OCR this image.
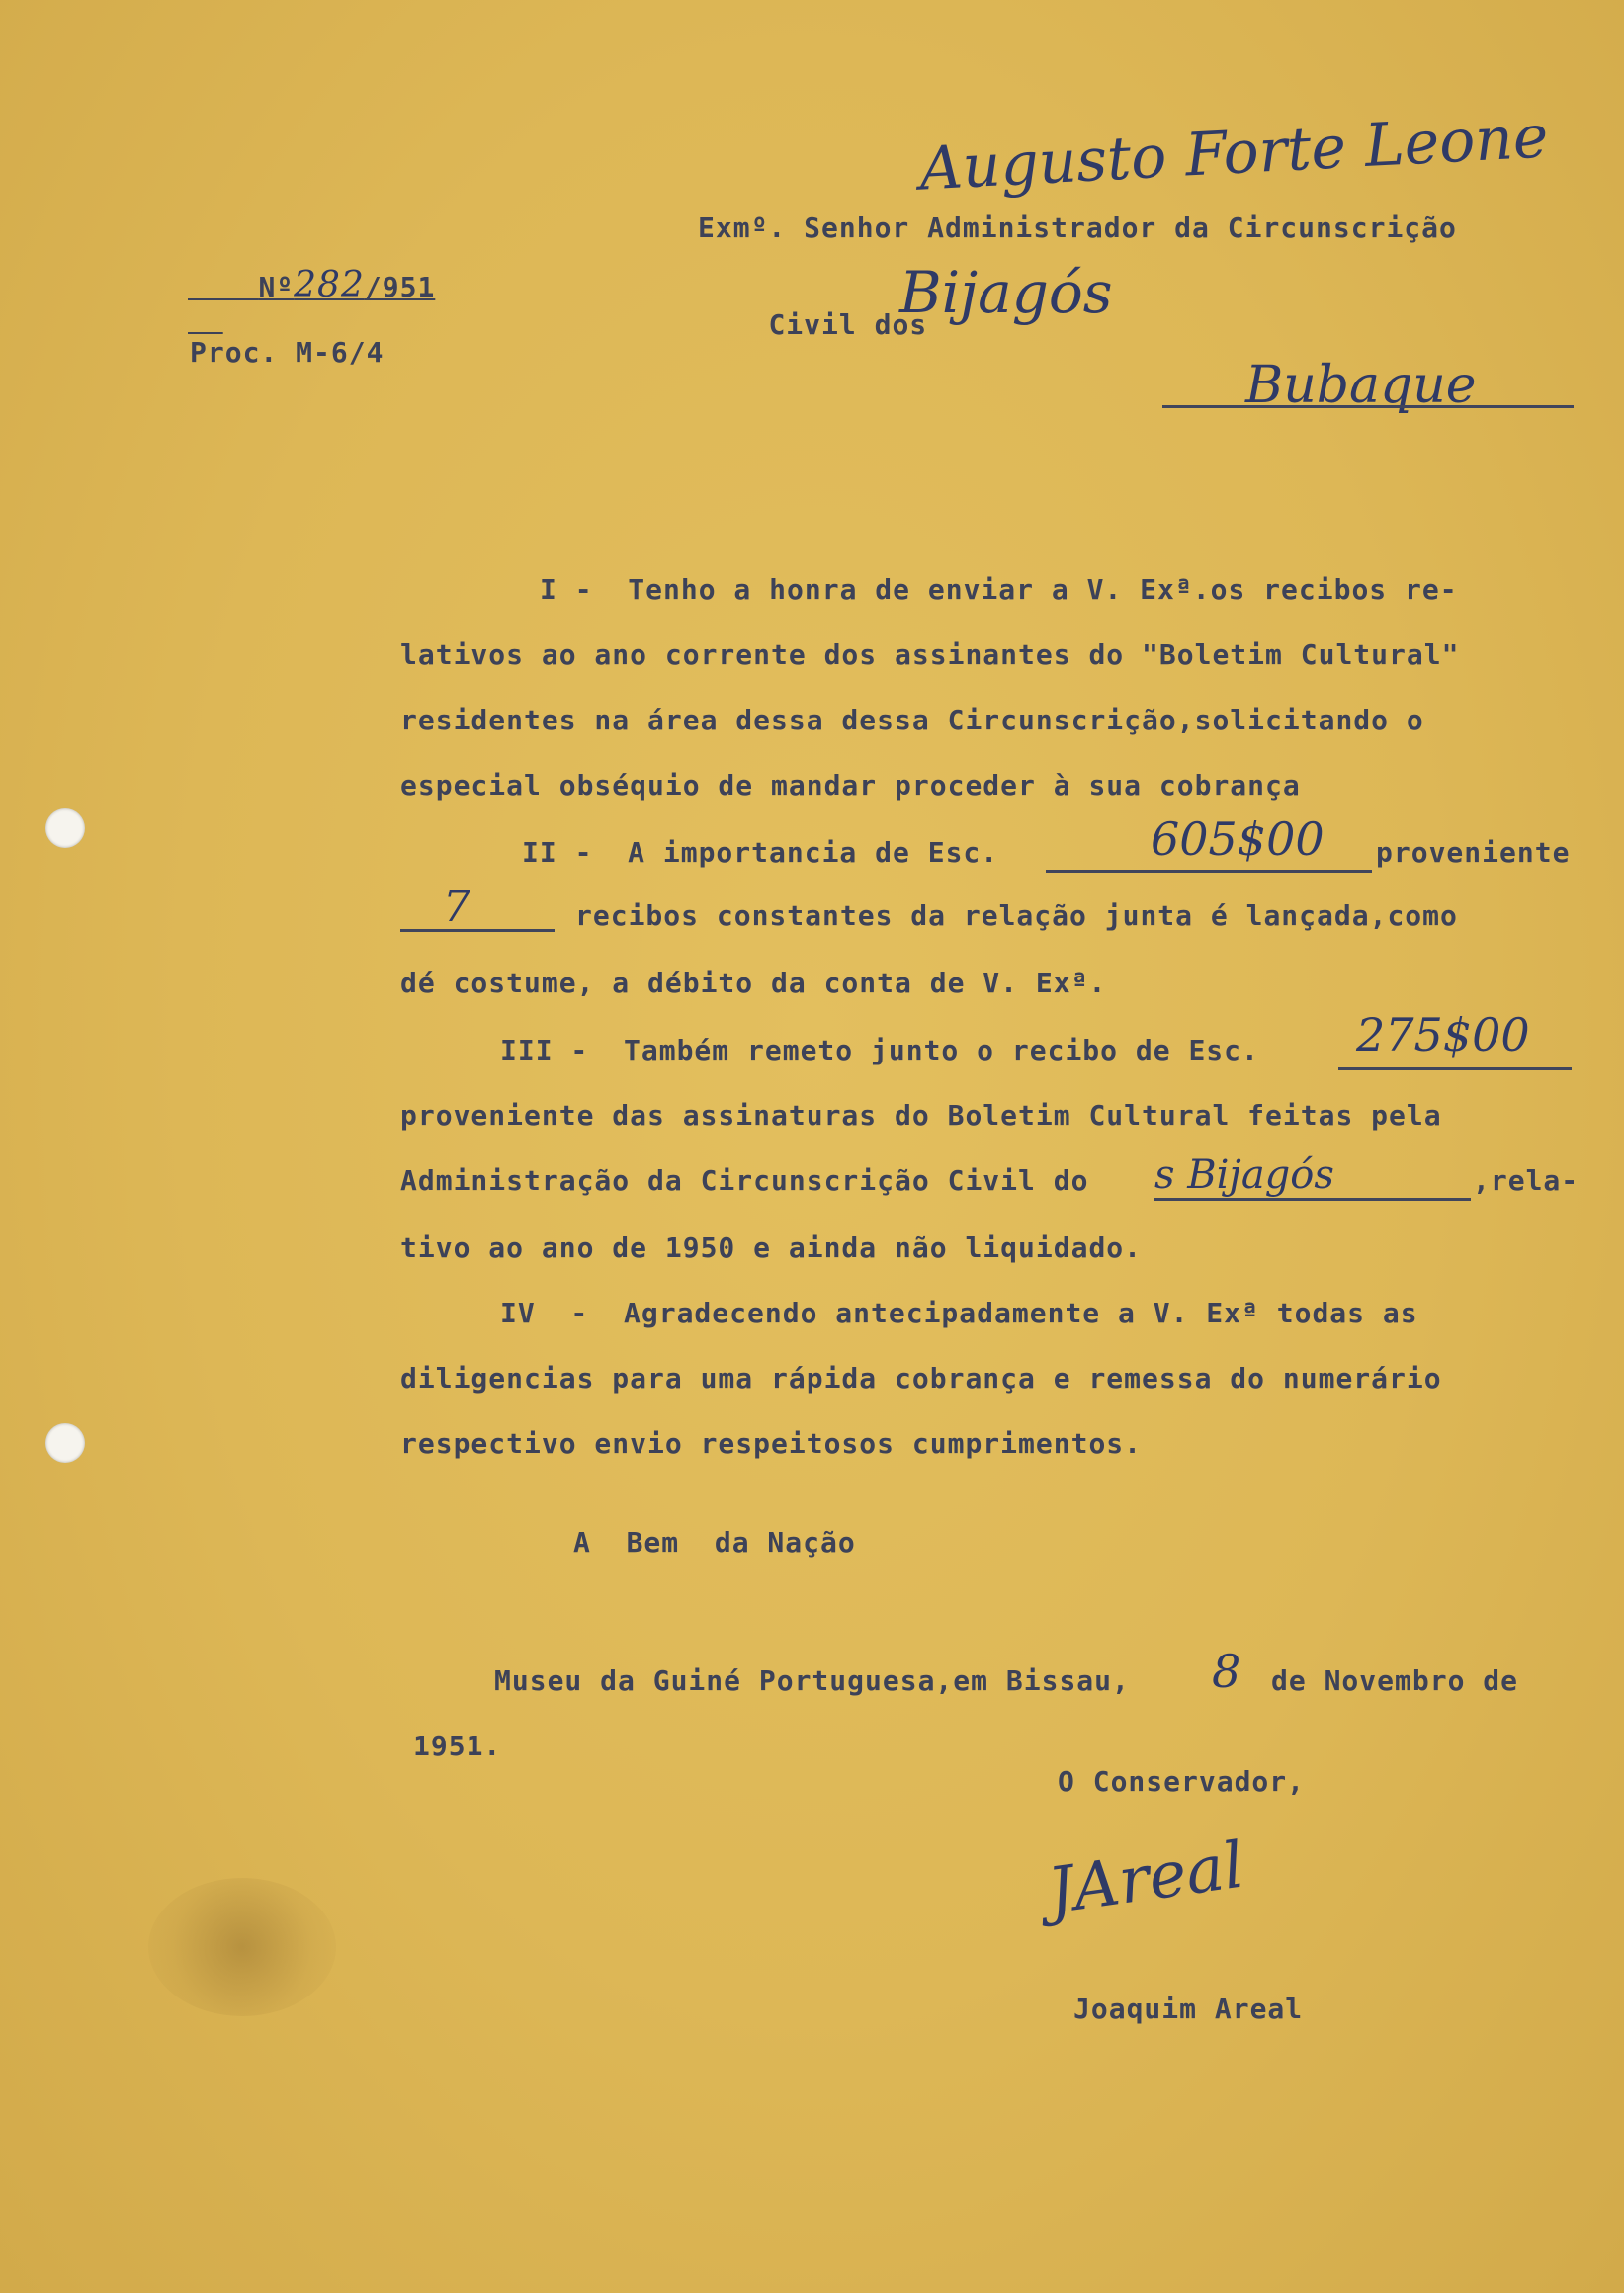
Nº282/951

Proc. M-6/4
Augusto Forte Leone
Exmº. Senhor Administrador da Circunscrição

Civil dos

Bijagós
Bubaque
I -  Tenho a honra de enviar a V. Exª.os recibos re-
lativos ao ano corrente dos assinantes do "Boletim Cultural"
residentes na área dessa dessa Circunscrição,solicitando o
especial obséquio de mandar proceder à sua cobrança
II -  A importancia de Esc.	605$00 proveniente
7	recibos constantes da relação junta é lançada,como
dé costume, a débito da conta de V. Exª.
III -  Também remeto junto o recibo de Esc. 275$00
proveniente das assinaturas do Boletim Cultural feitas pela
Administração da Circunscrição Civil do s Bijagós	,rela-
tivo ao ano de 1950 e ainda não liquidado.
IV  -  Agradecendo antecipadamente a V. Exª todas as
diligencias para uma rápida cobrança e remessa do numerário
respectivo envio respeitosos cumprimentos.
A  Bem  da Nação
Museu da Guiné Portuguesa,em Bissau, 8 de Novembro de
1951.
O Conservador,
JAreal
Joaquim Areal
